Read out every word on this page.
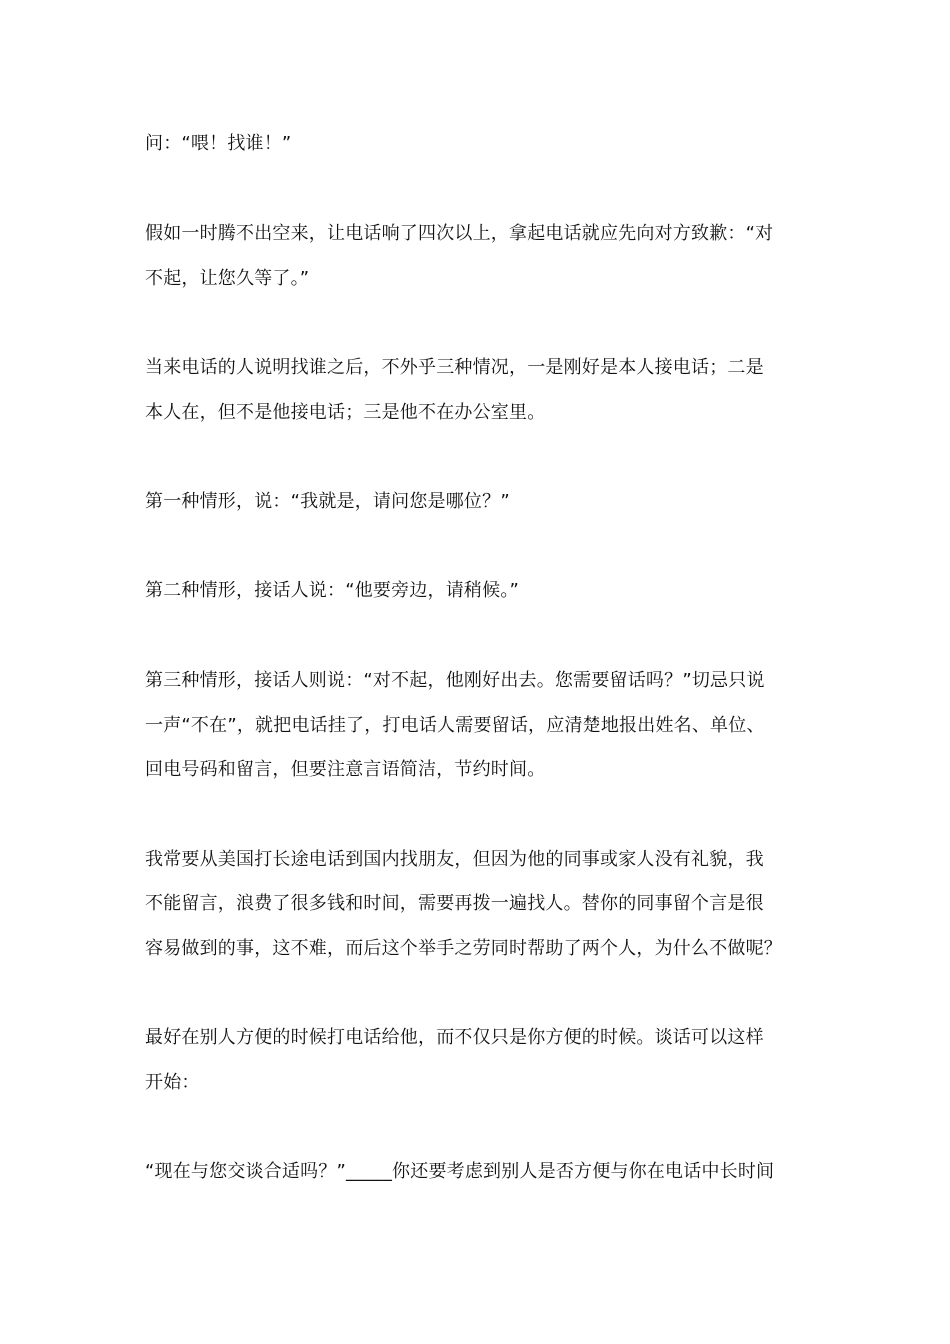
问：“喂！找谁！”

假如一时腾不出空来，让电话响了四次以上，拿起电话就应先向对方致歉：“对

不起，让您久等了。”

当来电话的人说明找谁之后，不外乎三种情况，一是刚好是本人接电话；二是

本人在，但不是他接电话；三是他不在办公室里。

第一种情形，说：“我就是，请问您是哪位？”

第二种情形，接话人说：“他要旁边，请稍候。”

第三种情形，接话人则说：“对不起，他刚好出去。您需要留话吗？”切忌只说

一声“不在”，就把电话挂了，打电话人需要留话，应清楚地报出姓名、单位、

回电号码和留言，但要注意言语简洁，节约时间。

我常要从美国打长途电话到国内找朋友，但因为他的同事或家人没有礼貌，我

不能留言，浪费了很多钱和时间，需要再拨一遍找人。替你的同事留个言是很

容易做到的事，这不难，而后这个举手之劳同时帮助了两个人，为什么不做呢？

最好在别人方便的时候打电话给他，而不仅只是你方便的时候。谈话可以这样

开始：

“现在与您交谈合适吗？”_____你还要考虑到别人是否方便与你在电话中长时间
